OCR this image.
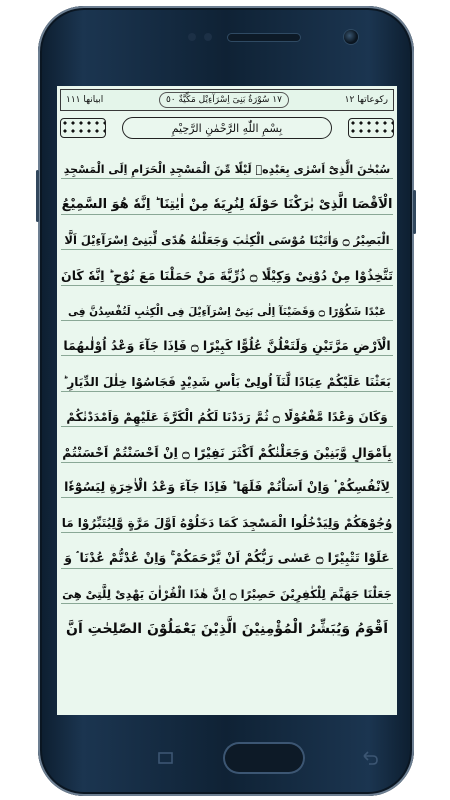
ابيانها ١١١	١٧ سُوْرَةُ بَنِیٓ اِسْرَآءِیْل مَكِّیَّةٌ ٥٠	ركوعاتها ١٢
بِسْمِ اللّٰهِ الرَّحْمٰنِ الرَّحِيْمِ
سُبْحٰنَ الَّذِیْٓ اَسْرٰى بِعَبْدِهٖ لَیْلًا مِّنَ الْمَسْجِدِ الْحَرَامِ اِلَى الْمَسْجِدِ
الْاَقْصَا الَّذِیْ بٰرَكْنَا حَوْلَهٗ لِنُرِیَهٗ مِنْ اٰیٰتِنَا ؕ اِنَّهٗ هُوَ السَّمِیْعُ
الْبَصِیْرُ ۝ وَاٰتَیْنَا مُوْسَى الْكِتٰبَ وَجَعَلْنٰهُ هُدًى لِّبَنِیْٓ اِسْرَآءِیْلَ اَلَّا
تَتَّخِذُوْا مِنْ دُوْنِیْ وَكِیْلًا ۝ ذُرِّیَّةَ مَنْ حَمَلْنَا مَعَ نُوْحٍ ؕ اِنَّهٗ كَانَ
عَبْدًا شَكُوْرًا ۝ وَقَضَیْنَآ اِلٰى بَنِیْٓ اِسْرَآءِیْلَ فِی الْكِتٰبِ لَتُفْسِدُنَّ فِی
الْاَرْضِ مَرَّتَیْنِ وَلَتَعْلُنَّ عُلُوًّا كَبِیْرًا ۝ فَاِذَا جَآءَ وَعْدُ اُوْلٰىهُمَا
بَعَثْنَا عَلَیْكُمْ عِبَادًا لَّنَآ اُولِیْ بَاْسٍ شَدِیْدٍ فَجَاسُوْا خِلٰلَ الدِّیَارِ ؕ
وَكَانَ وَعْدًا مَّفْعُوْلًا ۝ ثُمَّ رَدَدْنَا لَكُمُ الْكَرَّةَ عَلَیْهِمْ وَاَمْدَدْنٰكُمْ
بِاَمْوَالٍ وَّبَنِیْنَ وَجَعَلْنٰكُمْ اَكْثَرَ نَفِیْرًا ۝ اِنْ اَحْسَنْتُمْ اَحْسَنْتُمْ
لِاَنْفُسِكُمْ ۟ وَاِنْ اَسَاْتُمْ فَلَهَا ؕ فَاِذَا جَآءَ وَعْدُ الْاٰخِرَةِ لِیَسُوْٓءٗا
وُجُوْهَكُمْ وَلِیَدْخُلُوا الْمَسْجِدَ كَمَا دَخَلُوْهُ اَوَّلَ مَرَّةٍ وَّلِیُتَبِّرُوْا مَا
عَلَوْا تَتْبِیْرًا ۝ عَسٰى رَبُّكُمْ اَنْ یَّرْحَمَكُمْ ۚ وَاِنْ عُدْتُّمْ عُدْنَا ۘ وَ
جَعَلْنَا جَهَنَّمَ لِلْكٰفِرِیْنَ حَصِیْرًا ۝ اِنَّ هٰذَا الْقُرْاٰنَ یَهْدِیْ لِلَّتِیْ هِیَ
اَقْوَمُ وَیُبَشِّرُ الْمُؤْمِنِیْنَ الَّذِیْنَ یَعْمَلُوْنَ الصّٰلِحٰتِ اَنَّ
